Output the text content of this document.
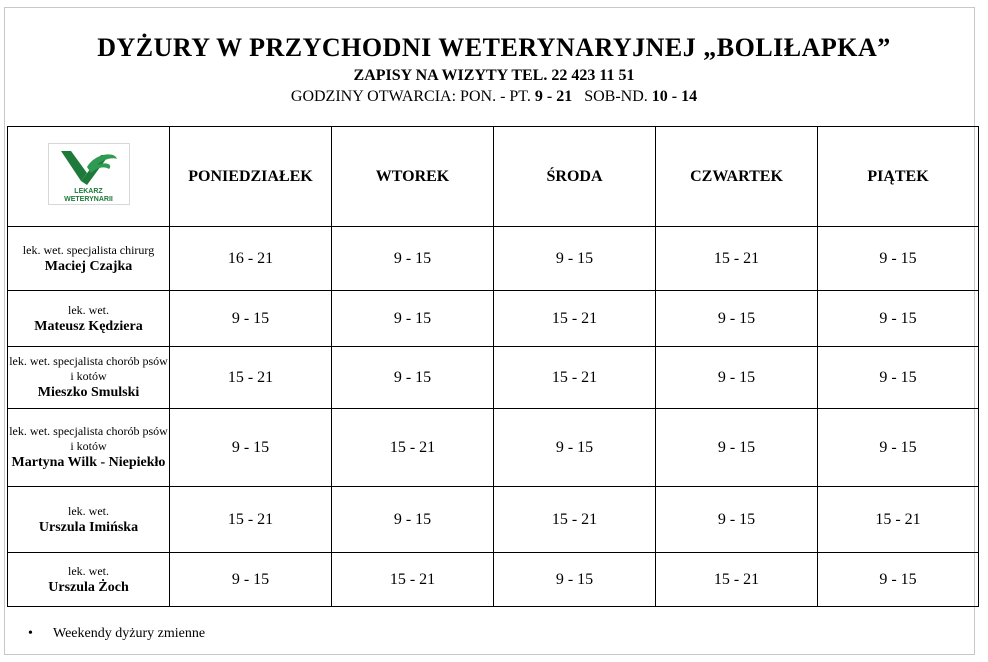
DYŻURY W PRZYCHODNI WETERYNARYJNEJ „BOLIŁAPKA”
ZAPISY NA WIZYTY TEL. 22 423 11 51
GODZINY OTWARCIA: PON. - PT. 9 - 21 SOB-ND. 10 - 14
LEKARZ
WETERYNARII	PONIEDZIAŁEK	WTOREK	ŚRODA	CZWARTEK	PIĄTEK

lek. wet. specjalista chirurg
Maciej Czajka	16 - 21	9 - 15	9 - 15	15 - 21	9 - 15

lek. wet.
Mateusz Kędziera	9 - 15	9 - 15	15 - 21	9 - 15	9 - 15

lek. wet. specjalista chorób psów i kotów
Mieszko Smulski	15 - 21	9 - 15	15 - 21	9 - 15	9 - 15

lek. wet. specjalista chorób psów i kotów
Martyna Wilk - Niepiekło	9 - 15	15 - 21	9 - 15	9 - 15	9 - 15

lek. wet.
Urszula Imińska	15 - 21	9 - 15	15 - 21	9 - 15	15 - 21

lek. wet.
Urszula Żoch	9 - 15	15 - 21	9 - 15	15 - 21	9 - 15
• Weekendy dyżury zmienne
